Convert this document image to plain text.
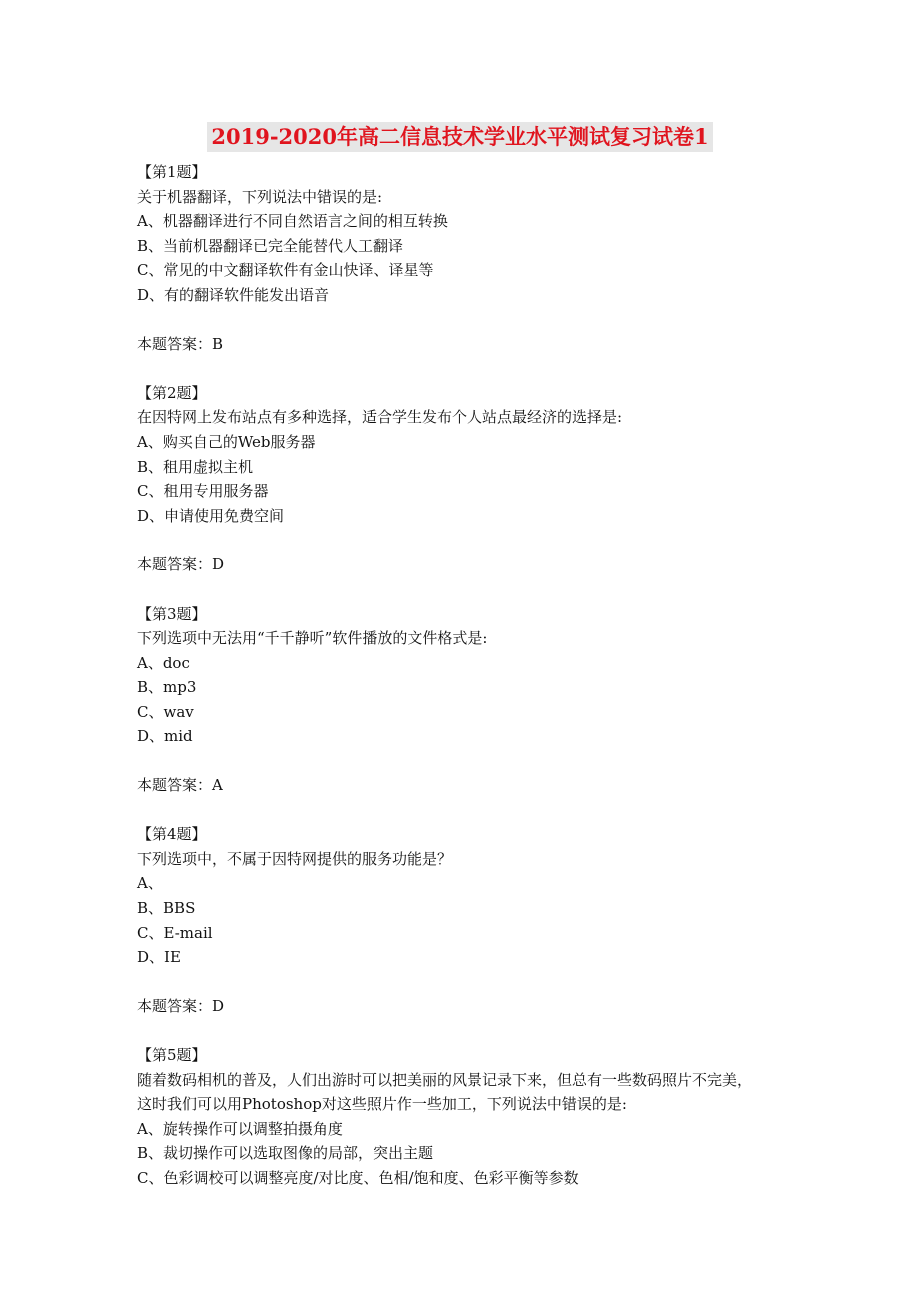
2019-2020年高二信息技术学业水平测试复习试卷1
【第1题】
关于机器翻译，下列说法中错误的是:
A、机器翻译进行不同自然语言之间的相互转换
B、当前机器翻译已完全能替代人工翻译
C、常见的中文翻译软件有金山快译、译星等
D、有的翻译软件能发出语音
本题答案：B
【第2题】
在因特网上发布站点有多种选择，适合学生发布个人站点最经济的选择是:
A、购买自己的Web服务器
B、租用虚拟主机
C、租用专用服务器
D、申请使用免费空间
本题答案：D
【第3题】
下列选项中无法用“千千静听”软件播放的文件格式是:
A、doc
B、mp3
C、wav
D、mid
本题答案：A
【第4题】
下列选项中，不属于因特网提供的服务功能是？
A、
B、BBS
C、E-mail
D、IE
本题答案：D
【第5题】
随着数码相机的普及，人们出游时可以把美丽的风景记录下来，但总有一些数码照片不完美，
这时我们可以用Photoshop对这些照片作一些加工，下列说法中错误的是:
A、旋转操作可以调整拍摄角度
B、裁切操作可以选取图像的局部，突出主题
C、色彩调校可以调整亮度/对比度、色相/饱和度、色彩平衡等参数
